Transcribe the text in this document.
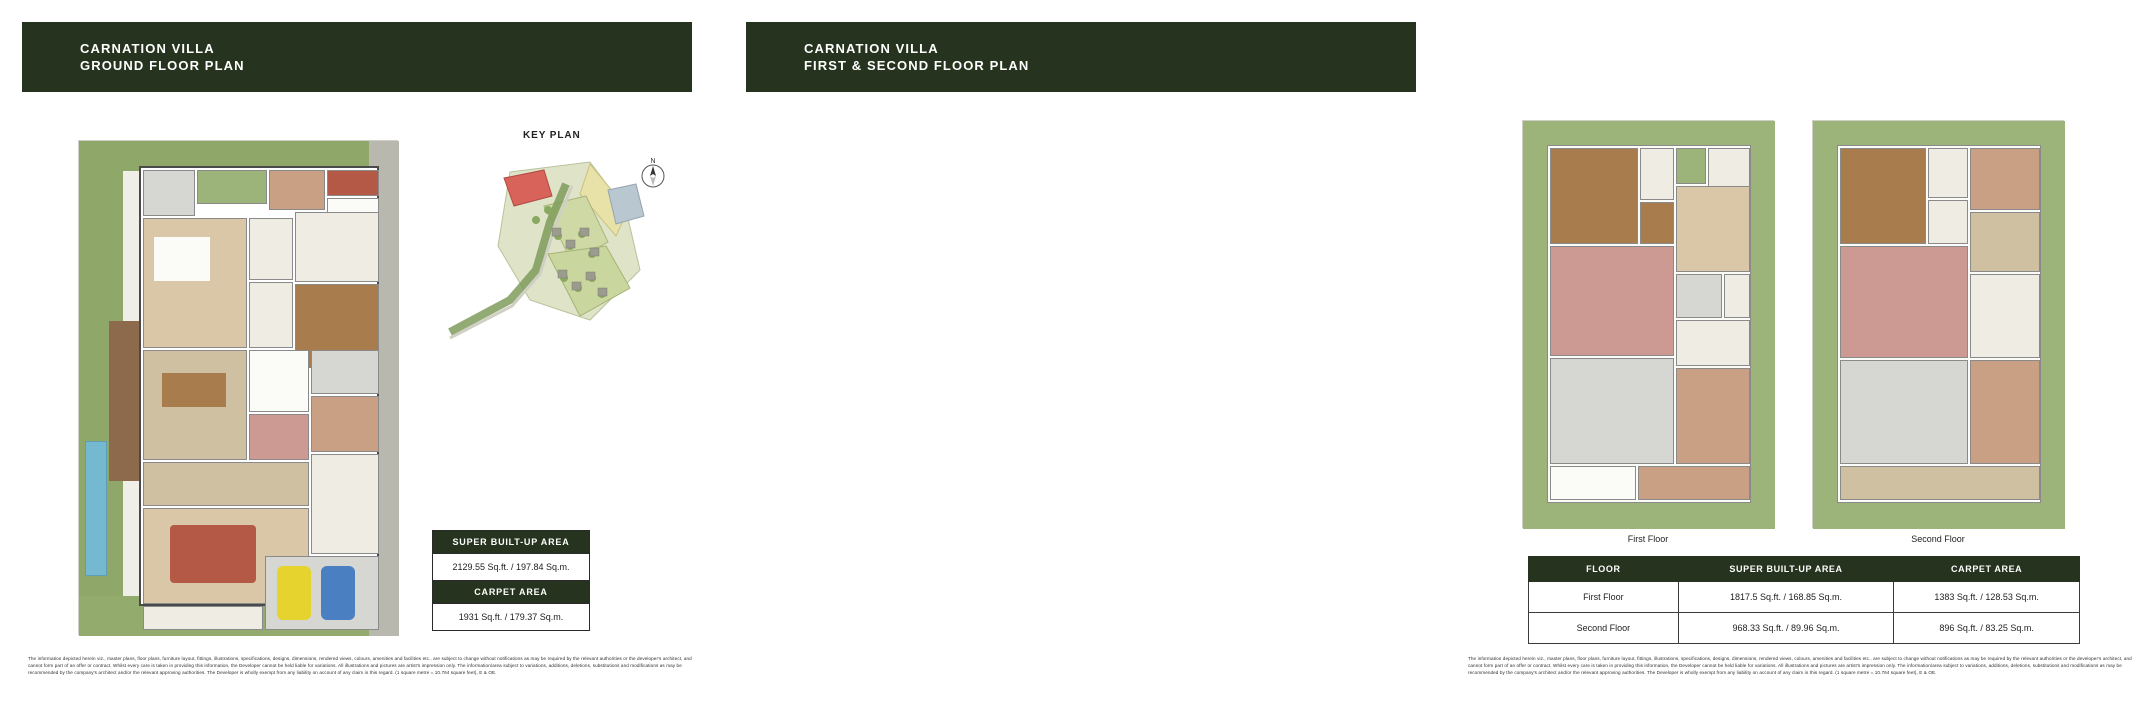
CARNATION VILLA
GROUND FLOOR PLAN
KEY PLAN
N
SUPER BUILT-UP AREA
2129.55 Sq.ft. / 197.84 Sq.m.
CARPET AREA
1931 Sq.ft. / 179.37 Sq.m.
The information depicted herein viz., master plans, floor plans, furniture layout, fittings, illustrations, specifications, designs, dimensions, rendered views, colours, amenities and facilities etc., are subject to change without notifications as may be required by the relevant authorities or the developer's architect, and cannot form part of an offer or contract. Whilst every care is taken in providing this information, the Developer cannot be held liable for variations. All illustrations and pictures are artist's impression only. The information/area subject to variations, additions, deletions, substitutions and modifications as may be recommended by the company's architect and/or the relevant approving authorities. The Developer is wholly exempt from any liability on account of any claim in this regard. (1 square metre = 10.764 square feet), E & OE.
CARNATION VILLA
FIRST & SECOND FLOOR PLAN
First Floor	Second Floor
FLOOR	SUPER BUILT-UP AREA	CARPET AREA
First Floor	1817.5 Sq.ft. / 168.85 Sq.m.	1383 Sq.ft. / 128.53 Sq.m.
Second Floor	968.33 Sq.ft. / 89.96 Sq.m.	896 Sq.ft. / 83.25 Sq.m.
The information depicted herein viz., master plans, floor plans, furniture layout, fittings, illustrations, specifications, designs, dimensions, rendered views, colours, amenities and facilities etc., are subject to change without notifications as may be required by the relevant authorities or the developer's architect, and cannot form part of an offer or contract. Whilst every care is taken in providing this information, the Developer cannot be held liable for variations. All illustrations and pictures are artist's impression only. The information/area subject to variations, additions, deletions, substitutions and modifications as may be recommended by the company's architect and/or the relevant approving authorities. The Developer is wholly exempt from any liability on account of any claim in this regard. (1 square metre = 10.764 square feet), E & OE.
